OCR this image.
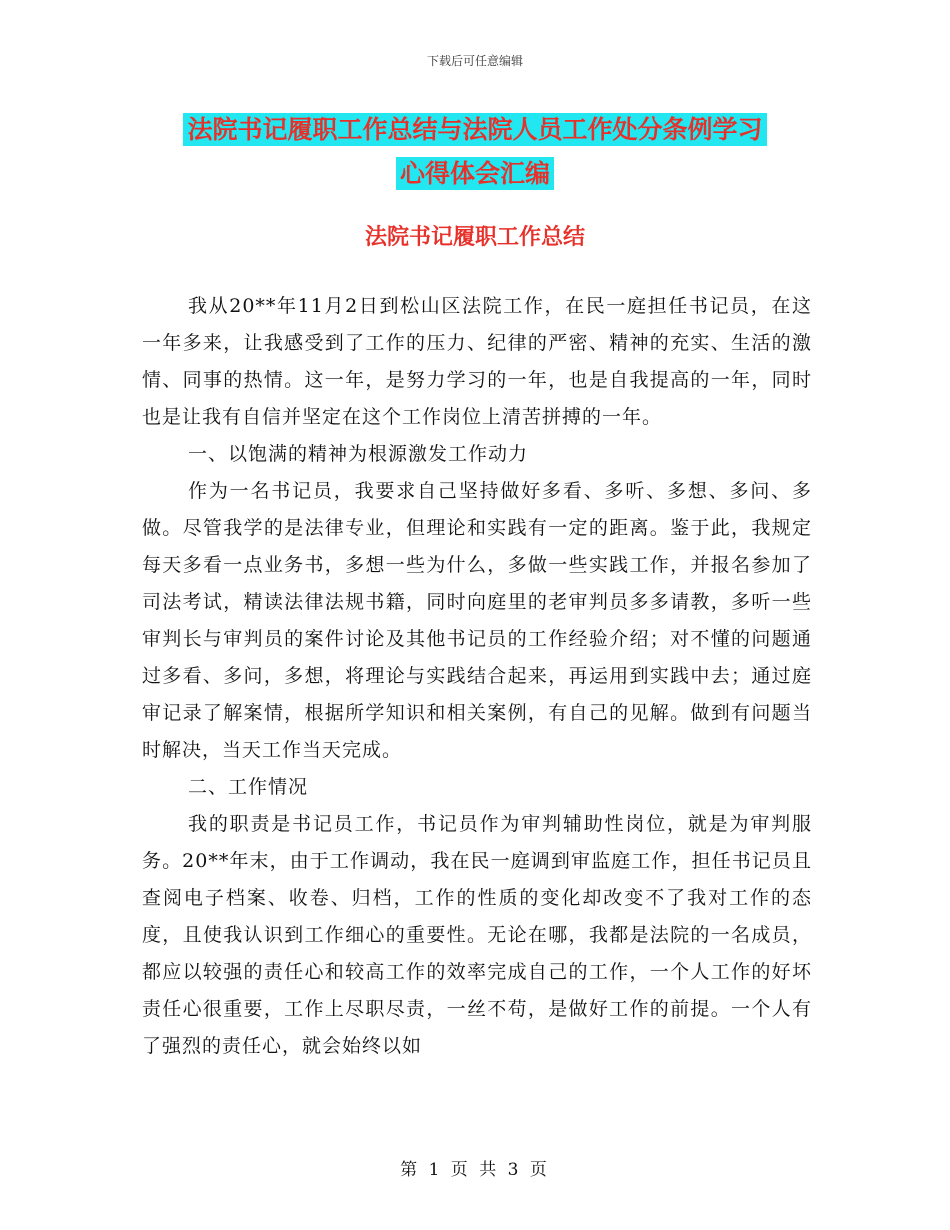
下载后可任意编辑
法院书记履职工作总结与法院人员工作处分条例学习
心得体会汇编
法院书记履职工作总结

我从20**年11月2日到松山区法院工作，在民一庭担任书记员，在这一年多来，让我感受到了工作的压力、纪律的严密、精神的充实、生活的激情、同事的热情。这一年，是努力学习的一年，也是自我提高的一年，同时也是让我有自信并坚定在这个工作岗位上清苦拼搏的一年。

一、以饱满的精神为根源激发工作动力

作为一名书记员，我要求自己坚持做好多看、多听、多想、多问、多做。尽管我学的是法律专业，但理论和实践有一定的距离。鉴于此，我规定每天多看一点业务书，多想一些为什么，多做一些实践工作，并报名参加了司法考试，精读法律法规书籍，同时向庭里的老审判员多多请教，多听一些审判长与审判员的案件讨论及其他书记员的工作经验介绍；对不懂的问题通过多看、多问，多想，将理论与实践结合起来，再运用到实践中去；通过庭审记录了解案情，根据所学知识和相关案例，有自己的见解。做到有问题当时解决，当天工作当天完成。

二、工作情况

我的职责是书记员工作，书记员作为审判辅助性岗位，就是为审判服务。20**年末，由于工作调动，我在民一庭调到审监庭工作，担任书记员且查阅电子档案、收卷、归档，工作的性质的变化却改变不了我对工作的态度，且使我认识到工作细心的重要性。无论在哪，我都是法院的一名成员，都应以较强的责任心和较高工作的效率完成自己的工作，一个人工作的好坏责任心很重要，工作上尽职尽责，一丝不苟，是做好工作的前提。一个人有了强烈的责任心，就会始终以如

第 1 页 共 3 页
